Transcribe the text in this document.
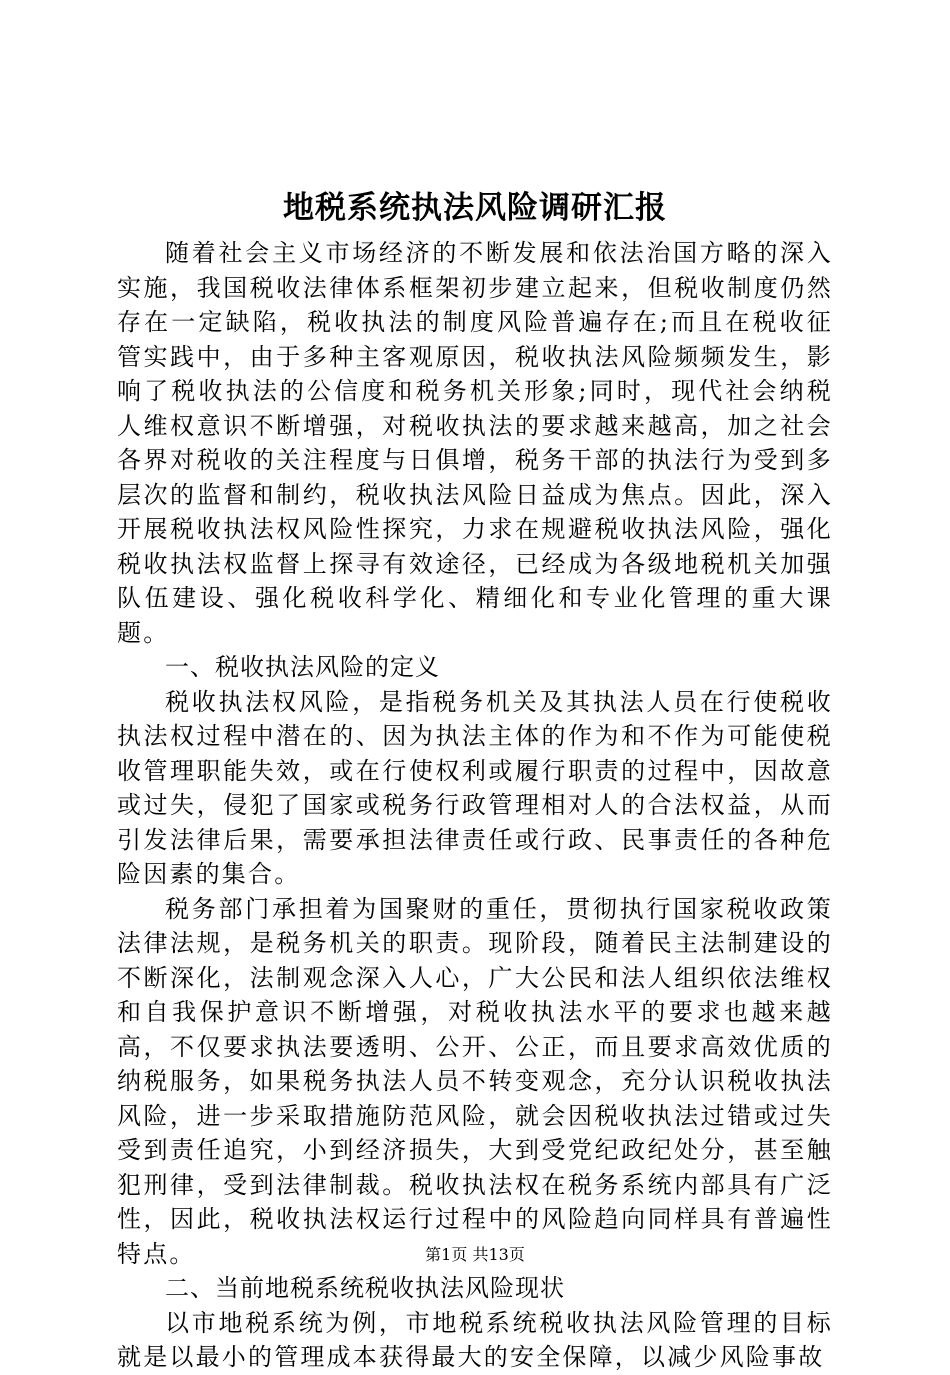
地税系统执法风险调研汇报

随着社会主义市场经济的不断发展和依法治国方略的深入实施，我国税收法律体系框架初步建立起来，但税收制度仍然存在一定缺陷，税收执法的制度风险普遍存在;而且在税收征管实践中，由于多种主客观原因，税收执法风险频频发生，影响了税收执法的公信度和税务机关形象;同时，现代社会纳税人维权意识不断增强，对税收执法的要求越来越高，加之社会各界对税收的关注程度与日俱增，税务干部的执法行为受到多层次的监督和制约，税收执法风险日益成为焦点。因此，深入开展税收执法权风险性探究，力求在规避税收执法风险，强化税收执法权监督上探寻有效途径，已经成为各级地税机关加强队伍建设、强化税收科学化、精细化和专业化管理的重大课题。

一、税收执法风险的定义

税收执法权风险，是指税务机关及其执法人员在行使税收执法权过程中潜在的、因为执法主体的作为和不作为可能使税收管理职能失效，或在行使权利或履行职责的过程中，因故意或过失，侵犯了国家或税务行政管理相对人的合法权益，从而引发法律后果，需要承担法律责任或行政、民事责任的各种危险因素的集合。

税务部门承担着为国聚财的重任，贯彻执行国家税收政策法律法规，是税务机关的职责。现阶段，随着民主法制建设的不断深化，法制观念深入人心，广大公民和法人组织依法维权和自我保护意识不断增强，对税收执法水平的要求也越来越高，不仅要求执法要透明、公开、公正，而且要求高效优质的纳税服务，如果税务执法人员不转变观念，充分认识税收执法风险，进一步采取措施防范风险，就会因税收执法过错或过失受到责任追究，小到经济损失，大到受党纪政纪处分，甚至触犯刑律，受到法律制裁。税收执法权在税务系统内部具有广泛性，因此，税收执法权运行过程中的风险趋向同样具有普遍性特点。

二、当前地税系统税收执法风险现状

以市地税系统为例，市地税系统税收执法风险管理的目标就是以最小的管理成本获得最大的安全保障，以减少风险事故

第1页 共13页
